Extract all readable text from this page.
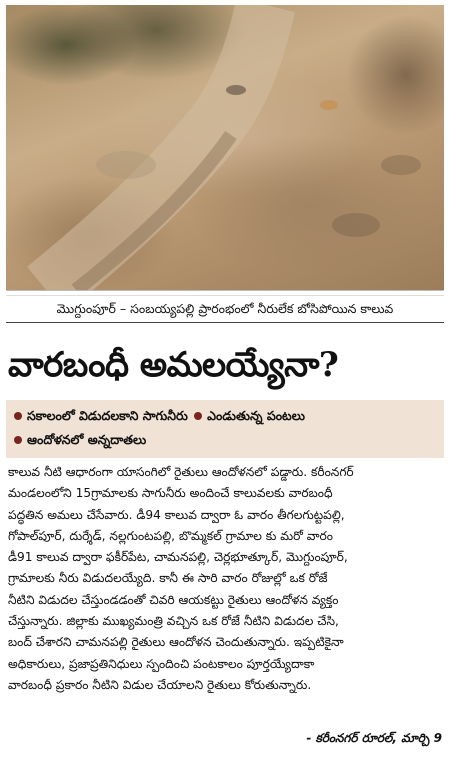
మొగ్దుంపూర్‌ – సంబయ్యపల్లి ప్రారంభంలో నీరులేక బోసిపోయిన కాలువ
వారబంధీ అమలయ్యేనా?
సకాలంలో విడుదలకాని సాగునీరు ఎండుతున్న పంటలు
ఆందోళనలో అన్నదాతలు
కాలువ నీటి ఆధారంగా యాసంగిలో రైతులు ఆందోళనలో పడ్డారు. కరీంనగర్‌
మండలంలోని 15గ్రామాలకు సాగునీరు అందించే కాలువలకు వారబంధీ
పద్ధతిన అమలు చేసేవారు. డీ94 కాలువ ద్వారా ఓ వారం తీగలగుట్టపల్లి,
గోపాల్‌పూర్‌, దుర్శేడ్‌, నల్లగుంటపల్లి, బొమ్మకల్‌ గ్రామాల కు మరో వారం
డీ91 కాలువ ద్వారా ఫకీర్‌పేట, చామనపల్లి, చెర్లభూత్కూర్‌, మొగ్దుంపూర్‌,
గ్రామాలకు నీరు విడుదలయ్యేది. కానీ ఈ సారి వారం రోజుల్లో ఒక రోజే
నీటిని విడుదల చేస్తుండడంతో చివరి ఆయకట్టు రైతులు ఆందోళన వ్యక్తం
చేస్తున్నారు. జిల్లాకు ముఖ్యమంత్రి వచ్చిన ఒక రోజే నీటిని విడుదల చేసి,
బంద్‌ చేశారని చామనపల్లి రైతులు ఆందోళన చెందుతున్నారు. ఇప్పటికైనా
అధికారులు, ప్రజాప్రతినిధులు స్పందించి పంటకాలం పూర్తయ్యేదాకా
వారబంధీ ప్రకారం నీటిని విడుల చేయాలని రైతులు కోరుతున్నారు.
- కరీంనగర్‌ రూరల్‌, మార్చి 9
